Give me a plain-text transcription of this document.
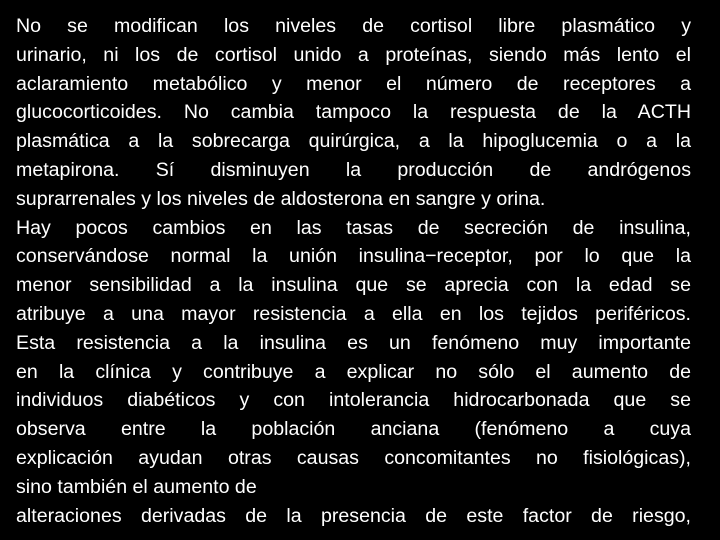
No se modifican los niveles de cortisol libre plasmático y
urinario, ni los de cortisol unido a proteínas, siendo más lento el
aclaramiento metabólico y menor el número de receptores a
glucocorticoides. No cambia tampoco la respuesta de la ACTH
plasmática a la sobrecarga quirúrgica, a la hipoglucemia o a la
metapirona. Sí disminuyen la producción de andrógenos
suprarrenales y los niveles de aldosterona en sangre y orina.
Hay pocos cambios en las tasas de secreción de insulina,
conservándose normal la unión insulina−receptor, por lo que la
menor sensibilidad a la insulina que se aprecia con la edad se
atribuye a una mayor resistencia a ella en los tejidos periféricos.
Esta resistencia a la insulina es un fenómeno muy importante
en la clínica y contribuye a explicar no sólo el aumento de
individuos diabéticos y con intolerancia hidrocarbonada que se
observa entre la población anciana (fenómeno a cuya
explicación ayudan otras causas concomitantes no fisiológicas),
sino también el aumento de
alteraciones derivadas de la presencia de este factor de riesgo,
